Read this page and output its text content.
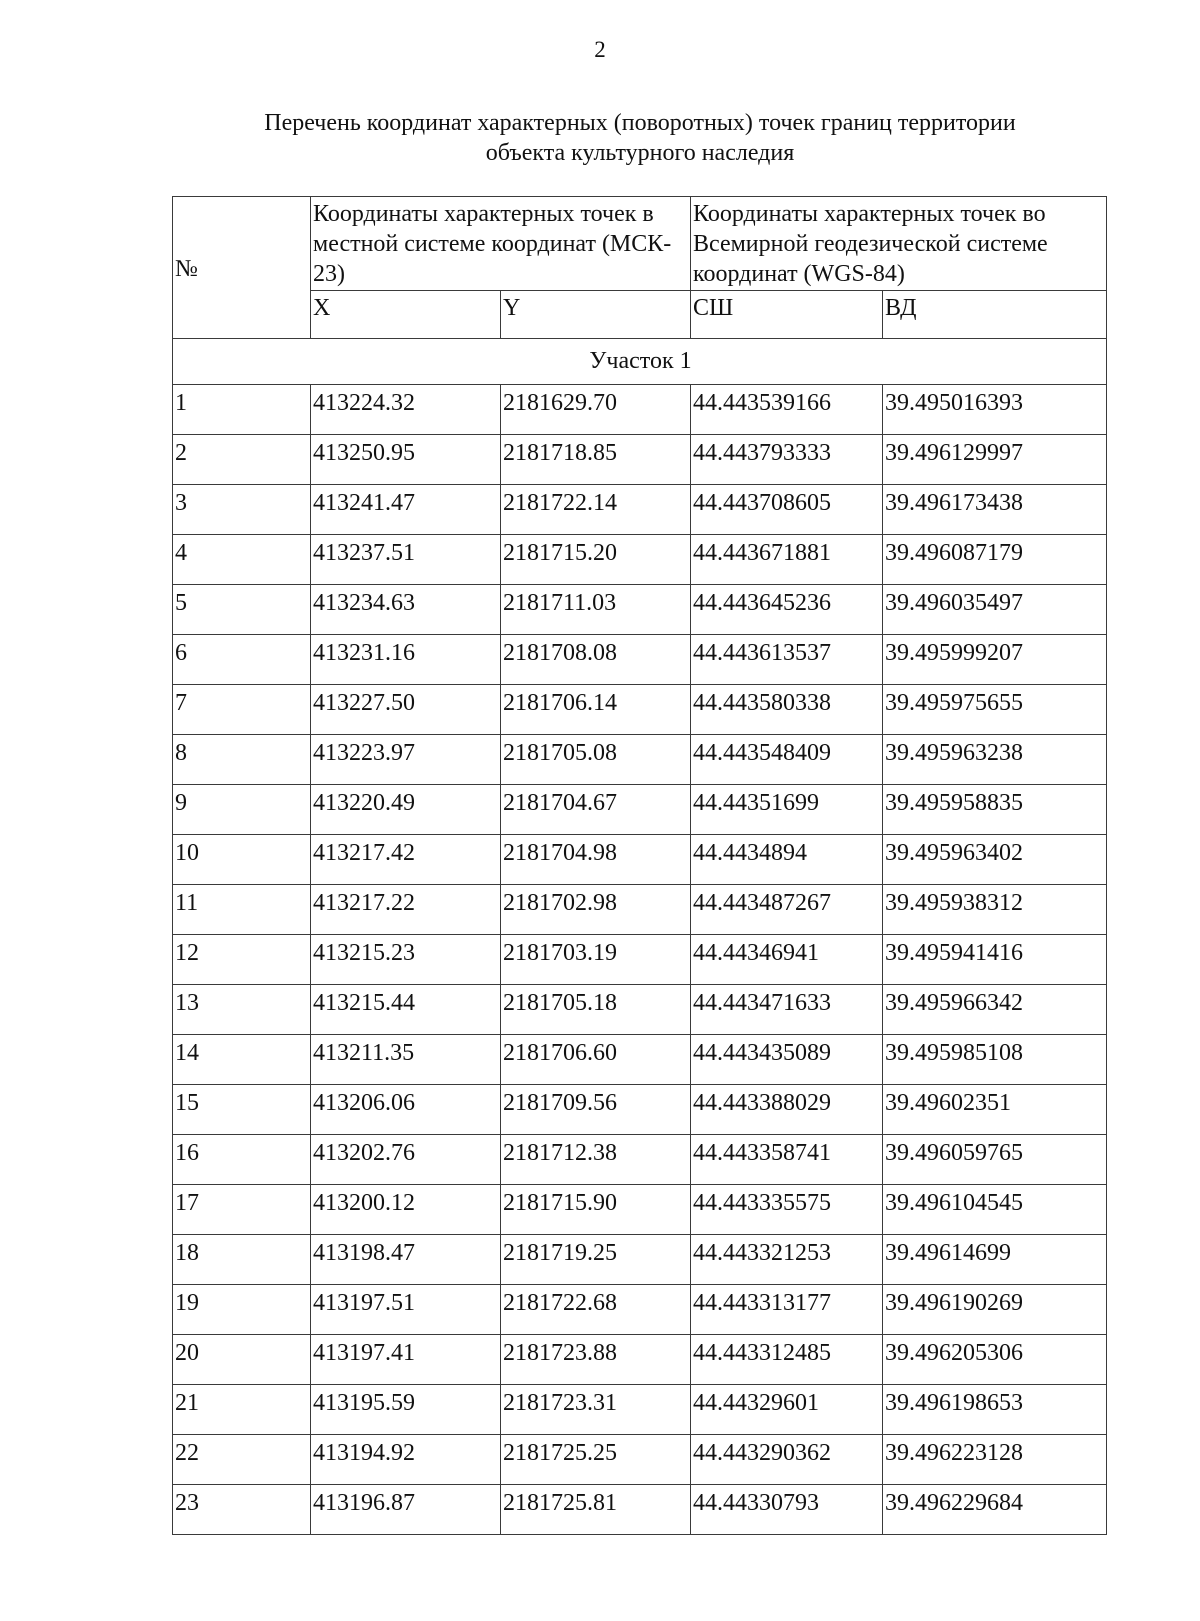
2
Перечень координат характерных (поворотных) точек границ территории
объекта культурного наследия
№	Координаты характерных точек в местной системе координат (МСК- 23)		Координаты характерных точек во Всемирной геодезической системе координат (WGS-84)	
	X	Y	СШ	ВД
Участок 1				
1	413224.32	2181629.70	44.443539166	39.495016393
2	413250.95	2181718.85	44.443793333	39.496129997
3	413241.47	2181722.14	44.443708605	39.496173438
4	413237.51	2181715.20	44.443671881	39.496087179
5	413234.63	2181711.03	44.443645236	39.496035497
6	413231.16	2181708.08	44.443613537	39.495999207
7	413227.50	2181706.14	44.443580338	39.495975655
8	413223.97	2181705.08	44.443548409	39.495963238
9	413220.49	2181704.67	44.44351699	39.495958835
10	413217.42	2181704.98	44.4434894	39.495963402
11	413217.22	2181702.98	44.443487267	39.495938312
12	413215.23	2181703.19	44.44346941	39.495941416
13	413215.44	2181705.18	44.443471633	39.495966342
14	413211.35	2181706.60	44.443435089	39.495985108
15	413206.06	2181709.56	44.443388029	39.49602351
16	413202.76	2181712.38	44.443358741	39.496059765
17	413200.12	2181715.90	44.443335575	39.496104545
18	413198.47	2181719.25	44.443321253	39.49614699
19	413197.51	2181722.68	44.443313177	39.496190269
20	413197.41	2181723.88	44.443312485	39.496205306
21	413195.59	2181723.31	44.44329601	39.496198653
22	413194.92	2181725.25	44.443290362	39.496223128
23	413196.87	2181725.81	44.44330793	39.496229684
